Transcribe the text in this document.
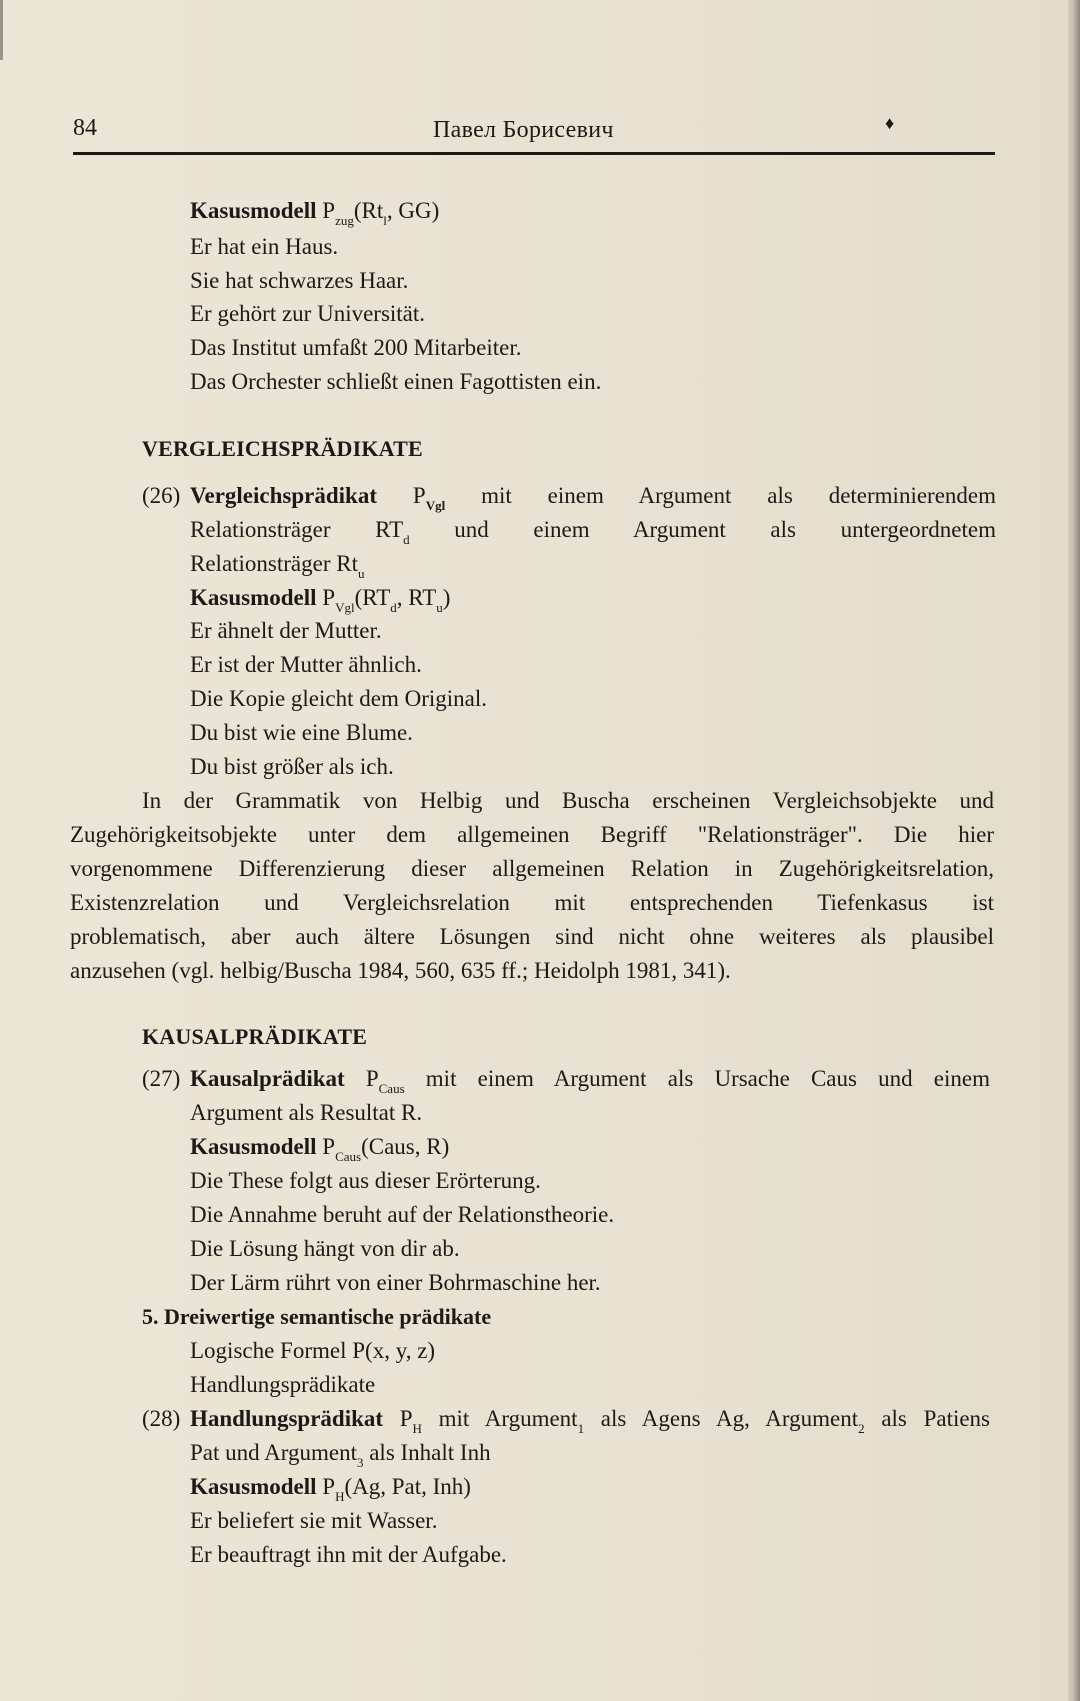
84	Павел Борисевич	♦
Kasusmodell $P_{zug}(Rt_l$, GG)
Er hat ein Haus.
Sie hat schwarzes Haar.
Er gehört zur Universität.
Das Institut umfaßt 200 Mitarbeiter.
Das Orchester schließt einen Fagottisten ein.
VERGLEICHSPRÄDIKATE
(26) Vergleichsprädikat $P_{Vgl}$ mit einem Argument als determinierendem
Relationsträger $RT_d$ und einem Argument als untergeordnetem
Relationsträger $Rt_u$
Kasusmodell $P_{Vgl}(RT_d$, $RT_u$)
Er ähnelt der Mutter.
Er ist der Mutter ähnlich.
Die Kopie gleicht dem Original.
Du bist wie eine Blume.
Du bist größer als ich.
In der Grammatik von Helbig und Buscha erscheinen Vergleichsobjekte und
Zugehörigkeitsobjekte unter dem allgemeinen Begriff "Relationsträger". Die hier
vorgenommene Differenzierung dieser allgemeinen Relation in Zugehörigkeitsrelation,
Existenzrelation und Vergleichsrelation mit entsprechenden Tiefenkasus ist
problematisch, aber auch ältere Lösungen sind nicht ohne weiteres als plausibel
anzusehen (vgl. helbig/Buscha 1984, 560, 635 ff.; Heidolph 1981, 341).
KAUSALPRÄDIKATE
(27) Kausalprädikat $P_{Caus}$ mit einem Argument als Ursache Caus und einem
Argument als Resultat R.
Kasusmodell $P_{Caus}(Caus$, R)
Die These folgt aus dieser Erörterung.
Die Annahme beruht auf der Relationstheorie.
Die Lösung hängt von dir ab.
Der Lärm rührt von einer Bohrmaschine her.
5. Dreiwertige semantische prädikate
Logische Formel P(x, y, z)
Handlungsprädikate
(28) Handlungsprädikat $P_H$ mit Argument$_1$ als Agens Ag, Argument$_2$ als Patiens
Pat und Argument$_3$ als Inhalt Inh
Kasusmodell $P_H(Ag$, Pat, Inh)
Er beliefert sie mit Wasser.
Er beauftragt ihn mit der Aufgabe.
